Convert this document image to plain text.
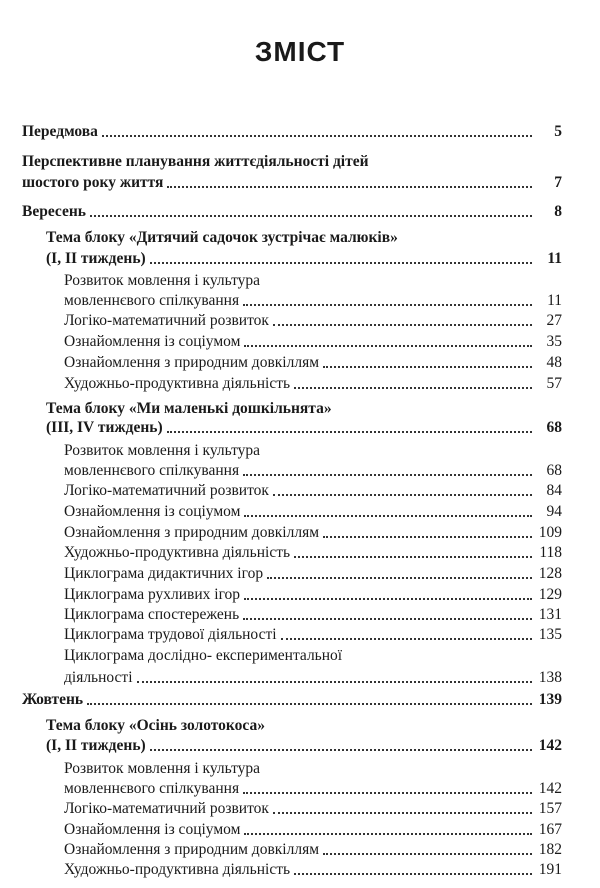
ЗМІСТ
Передмова	5
Перспективне планування життєдіяльності дітей
шостого року життя	7
Вересень	8
Тема блоку «Дитячий садочок зустрічає малюків»
(І, ІІ тиждень)	11
Розвиток мовлення і культура
мовленнєвого спілкування	11
Логіко-математичний розвиток	27
Ознайомлення із соціумом	35
Ознайомлення з природним довкіллям	48
Художньо-продуктивна діяльність	57
Тема блоку «Ми маленькі дошкільнята»
(ІІІ, IV тиждень)	68
Розвиток мовлення і культура
мовленнєвого спілкування	68
Логіко-математичний розвиток	84
Ознайомлення із соціумом	94
Ознайомлення з природним довкіллям	109
Художньо-продуктивна діяльність	118
Циклограма дидактичних ігор	128
Циклограма рухливих ігор	129
Циклограма спостережень	131
Циклограма трудової діяльності	135
Циклограма дослідно- експериментальної
діяльності	138
Жовтень	139
Тема блоку «Осінь золотокоса»
(І, ІІ тиждень)	142
Розвиток мовлення і культура
мовленнєвого спілкування	142
Логіко-математичний розвиток	157
Ознайомлення із соціумом	167
Ознайомлення з природним довкіллям	182
Художньо-продуктивна діяльність	191
